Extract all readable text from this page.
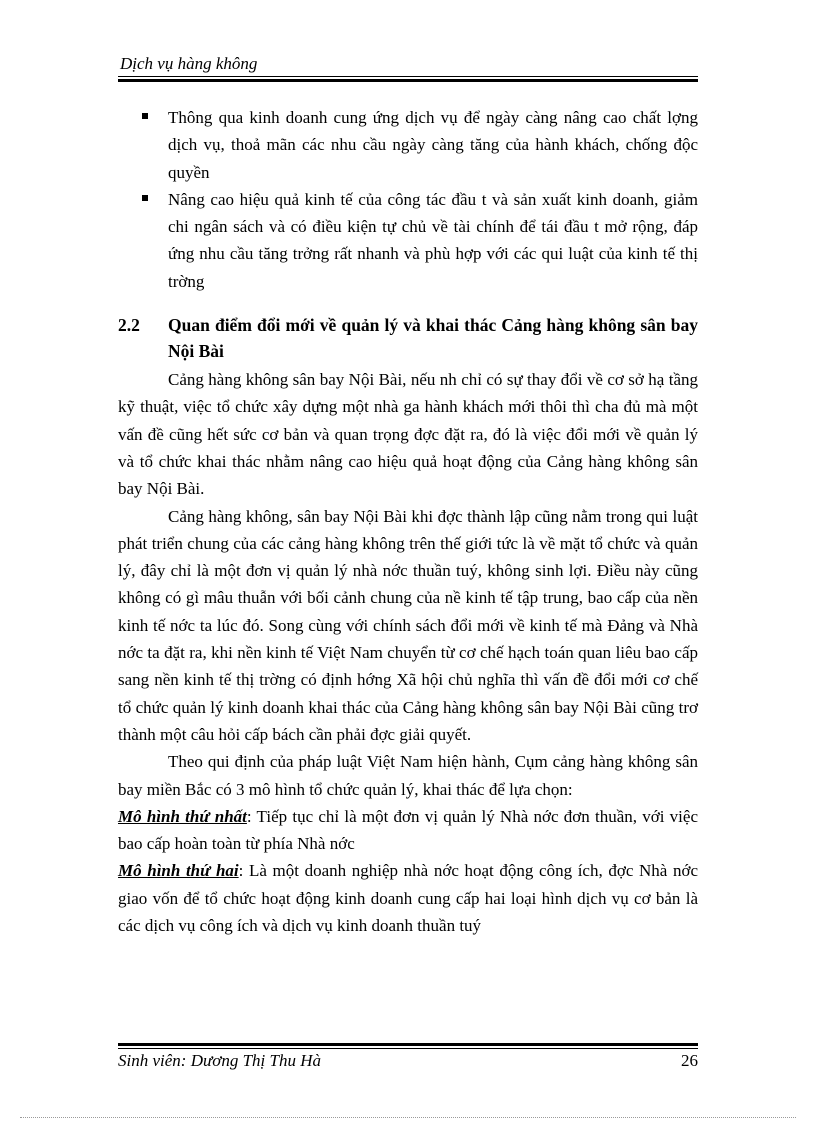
Dịch vụ hàng không
Thông qua kinh doanh cung ứng dịch vụ để ngày càng nâng cao chất lợng dịch vụ, thoả mãn các nhu cầu ngày càng tăng của hành khách, chống độc quyền
Nâng cao hiệu quả kinh tế của công tác đầu t và sản xuất kinh doanh, giảm chi ngân sách và có điều kiện tự chủ về tài chính để tái đầu t mở rộng, đáp ứng nhu cầu tăng trởng rất nhanh và phù hợp với các qui luật của kinh tế thị trờng
2.2	Quan điểm đổi mới về quản lý và khai thác Cảng hàng không sân bay Nội Bài

Cảng hàng không sân bay Nội Bài, nếu nh chỉ có sự thay đổi về cơ sở hạ tầng kỹ thuật, việc tổ chức xây dựng một nhà ga hành khách mới thôi thì cha đủ mà một vấn đề cũng hết sức cơ bản và quan trọng đợc đặt ra, đó là việc đổi mới về quản lý và tổ chức khai thác nhằm nâng cao hiệu quả hoạt động của Cảng hàng không sân bay Nội Bài.

Cảng hàng không, sân bay Nội Bài khi đợc thành lập cũng nằm trong qui luật phát triển chung của các cảng hàng không trên thế giới tức là về mặt tổ chức và quản lý, đây chỉ là một đơn vị quản lý nhà nớc thuần tuý, không sinh lợi. Điều này cũng không có gì mâu thuẫn với bối cảnh chung của nề kinh tế tập trung, bao cấp của nền kinh tế nớc ta lúc đó. Song cùng với chính sách đổi mới về kinh tế mà Đảng và Nhà nớc ta đặt ra, khi nền kinh tế Việt Nam chuyển từ cơ chế hạch toán quan liêu bao cấp sang nền kinh tế thị trờng có định hớng Xã hội chủ nghĩa thì vấn đề đổi mới cơ chế tổ chức quản lý kinh doanh khai thác của Cảng hàng không sân bay Nội Bài cũng trơ thành một câu hỏi cấp bách cần phải đợc giải quyết.

Theo qui định của pháp luật Việt Nam hiện hành, Cụm cảng hàng không sân bay miền Bắc có 3 mô hình tổ chức quản lý, khai thác để lựa chọn:

Mô hình thứ nhất: Tiếp tục chỉ là một đơn vị quản lý Nhà nớc đơn thuần, với việc bao cấp hoàn toàn từ phía Nhà nớc

Mô hình thứ hai: Là một doanh nghiệp nhà nớc hoạt động công ích, đợc Nhà nớc giao vốn để tổ chức hoạt động kinh doanh cung cấp hai loại hình dịch vụ cơ bản là các dịch vụ công ích và dịch vụ kinh doanh thuần tuý

Sinh viên: Dương Thị Thu Hà	26
